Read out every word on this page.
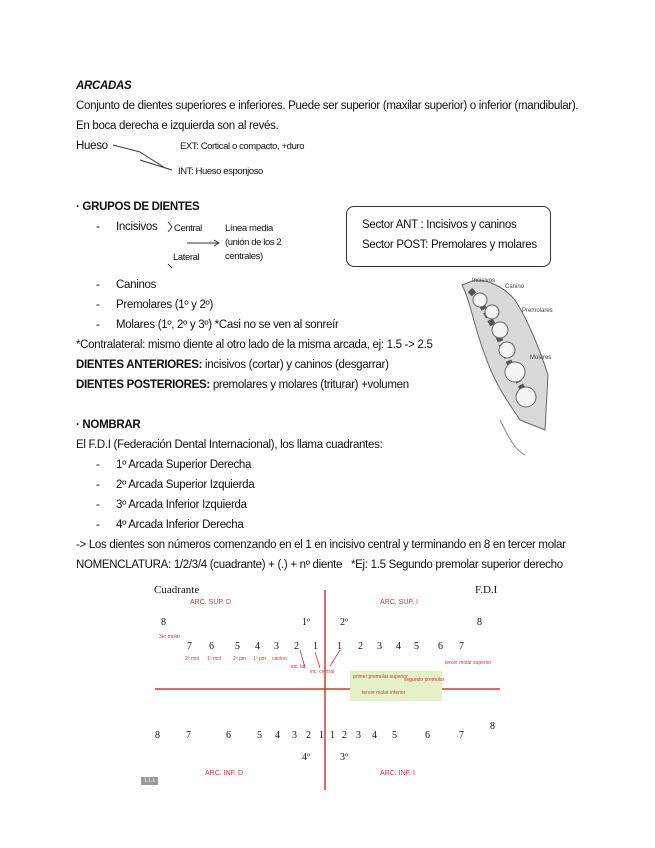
ARCADAS
Conjunto de dientes superiores e inferiores. Puede ser superior (maxilar superior) o inferior (mandibular).
En boca derecha e izquierda son al revés.
Hueso	EXT: Cortical o compacto, +duro
INT: Hueso esponjoso
· GRUPOS DE DIENTES
- Incisivos Central
Lateral
Línea media
(unión de los 2
centrales)
Sector ANT : Incisivos y caninos
Sector POST: Premolares y molares
- Caninos
- Premolares (1º y 2º)
- Molares (1º, 2º y 3º) *Casi no se ven al sonreír
*Contralateral: mismo diente al otro lado de la misma arcada, ej: 1.5 -> 2.5
DIENTES ANTERIORES: incisivos (cortar) y caninos (desgarrar)
DIENTES POSTERIORES: premolares y molares (triturar) +volumen
· NOMBRAR
El F.D.I (Federación Dental Internacional), los llama cuadrantes:
- 1º Arcada Superior Derecha
- 2º Arcada Superior Izquierda
- 3º Arcada Inferior Izquierda
- 4º Arcada Inferior Derecha
-> Los dientes son números comenzando en el 1 en incisivo central y terminando en 8 en tercer molar
NOMENCLATURA: 1/2/3/4 (cuadrante) + (.) + nº diente *Ej: 1.5 Segundo premolar superior derecho
Incisivos
Canino
Premolares
Molares
Cuadrante	F.D.I
ARC. SUP. D	ARC. SUP. I
ARC. INF. D	ARC. INF. I
1º	2º
4º	3º
8	8
8
7 6 5 4 3 2 1 1 2 3 4 5 6 7
3er molar
2º mol 1º mol 2º pm 1º pm canino
inc. lat
inc. central
primer premolar superior
segundo premolar
tercer molar inferior
tercer molar superior
8	7	6	5 4 3 2 1 1 2 3 4 5	6	7
1.1.1
